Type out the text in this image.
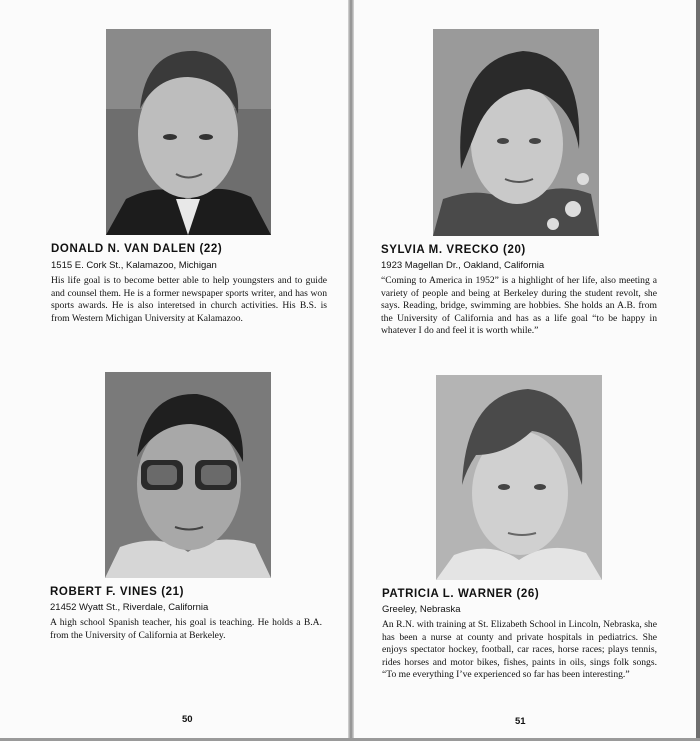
DONALD N. VAN DALEN (22)
1515 E. Cork St., Kalamazoo, Michigan
His life goal is to become better able to help youngsters and to guide and counsel them. He is a former newspaper sports writer, and has won sports awards. He is also interetsed in church activities. His B.S. is from Western Michigan University at Kalamazoo.
ROBERT F. VINES (21)
21452 Wyatt St., Riverdale, California
A high school Spanish teacher, his goal is teaching. He holds a B.A. from the University of California at Berkeley.
50
SYLVIA M. VRECKO (20)
1923 Magellan Dr., Oakland, California
“Coming to America in 1952” is a highlight of her life, also meeting a variety of people and being at Berkeley during the student revolt, she says. Reading, bridge, swimming are hobbies. She holds an A.B. from the University of California and has as a life goal “to be happy in whatever I do and feel it is worth while.”
PATRICIA L. WARNER (26)
Greeley, Nebraska
An R.N. with training at St. Elizabeth School in Lincoln, Nebraska, she has been a nurse at county and private hospitals in pediatrics. She enjoys spectator hockey, football, car races, horse races; plays tennis, rides horses and motor bikes, fishes, paints in oils, sings folk songs. “To me everything I’ve experienced so far has been interesting.”
51
